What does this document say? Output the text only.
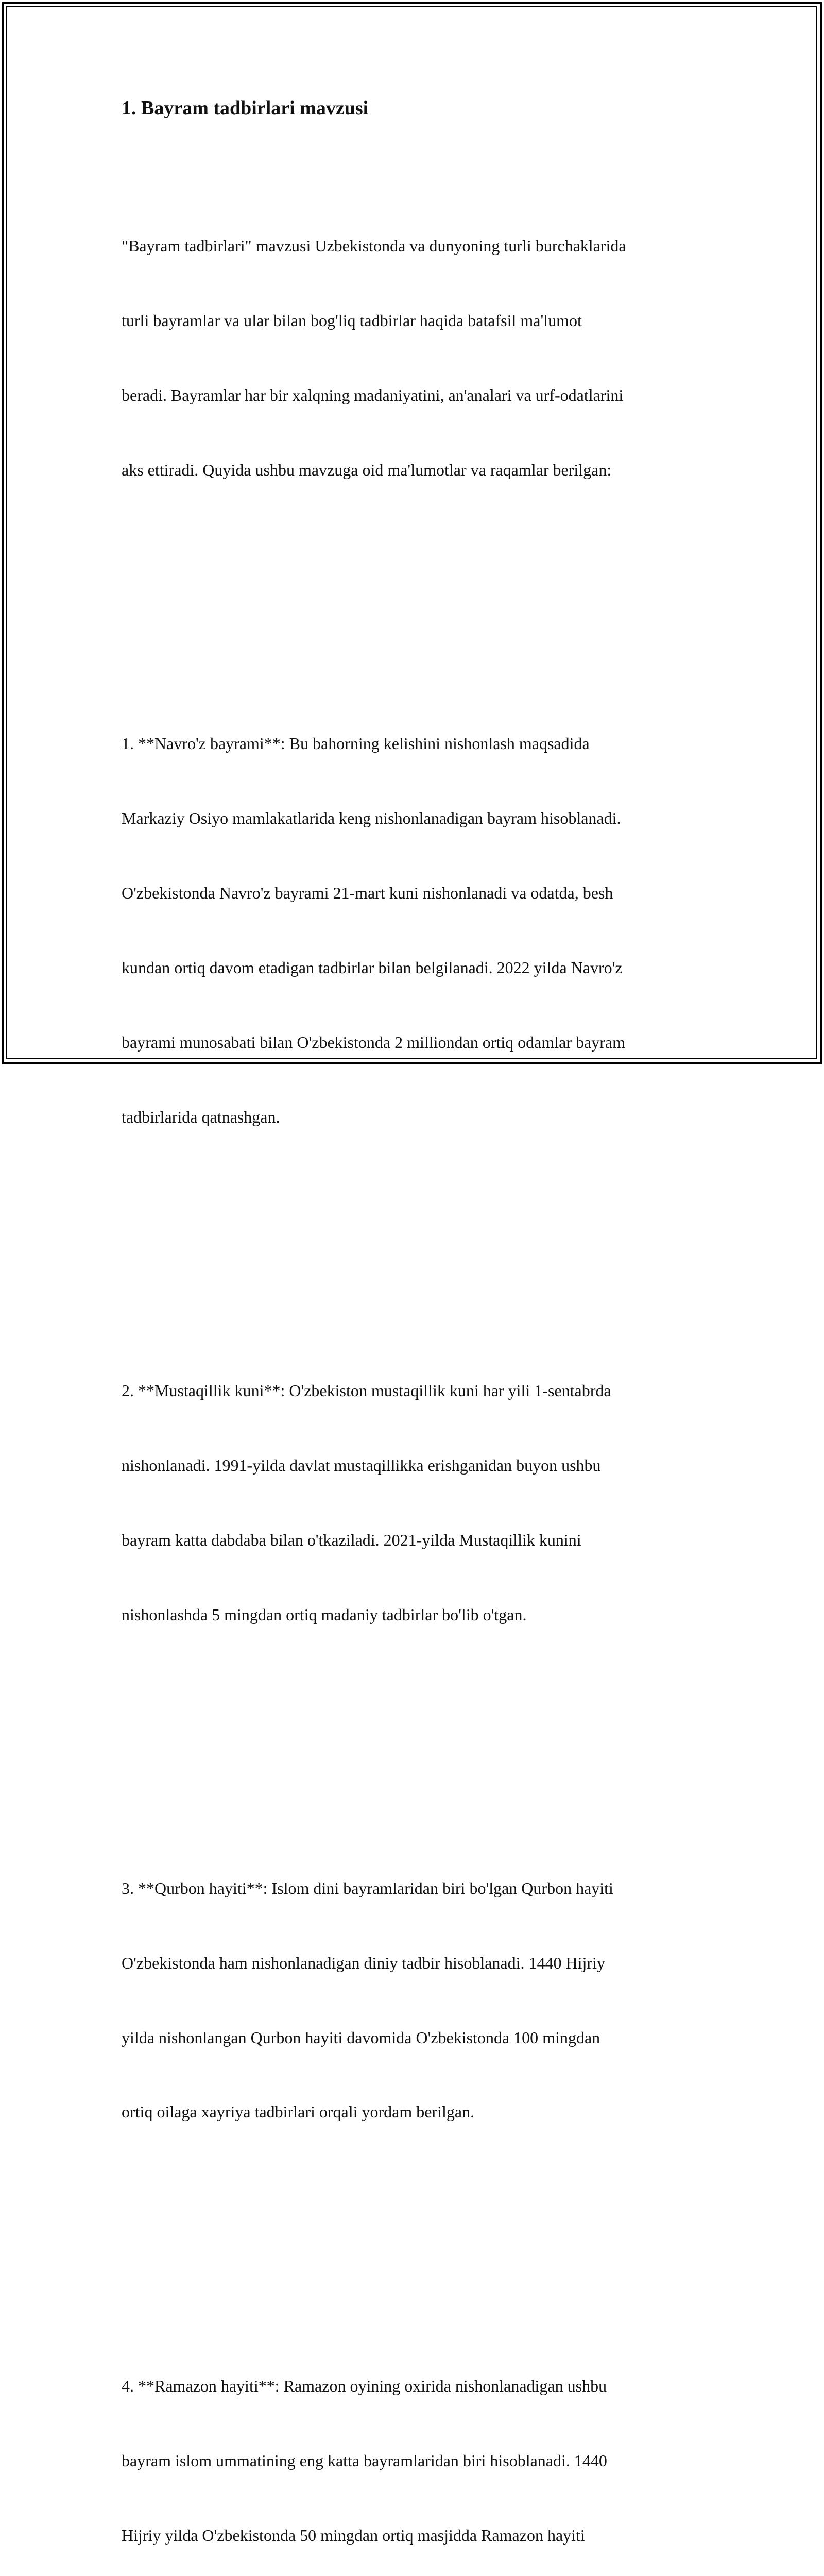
1. Bayram tadbirlari mavzusi

"Bayram tadbirlari" mavzusi Uzbekistonda va dunyoning turli burchaklarida

turli bayramlar va ular bilan bog'liq tadbirlar haqida batafsil ma'lumot

beradi. Bayramlar har bir xalqning madaniyatini, an'analari va urf-odatlarini

aks ettiradi. Quyida ushbu mavzuga oid ma'lumotlar va raqamlar berilgan:

1. **Navro'z bayrami**: Bu bahorning kelishini nishonlash maqsadida

Markaziy Osiyo mamlakatlarida keng nishonlanadigan bayram hisoblanadi.

O'zbekistonda Navro'z bayrami 21-mart kuni nishonlanadi va odatda, besh

kundan ortiq davom etadigan tadbirlar bilan belgilanadi. 2022 yilda Navro'z

bayrami munosabati bilan O'zbekistonda 2 milliondan ortiq odamlar bayram

tadbirlarida qatnashgan.

2. **Mustaqillik kuni**: O'zbekiston mustaqillik kuni har yili 1-sentabrda

nishonlanadi. 1991-yilda davlat mustaqillikka erishganidan buyon ushbu

bayram katta dabdaba bilan o'tkaziladi. 2021-yilda Mustaqillik kunini

nishonlashda 5 mingdan ortiq madaniy tadbirlar bo'lib o'tgan.

3. **Qurbon hayiti**: Islom dini bayramlaridan biri bo'lgan Qurbon hayiti

O'zbekistonda ham nishonlanadigan diniy tadbir hisoblanadi. 1440 Hijriy

yilda nishonlangan Qurbon hayiti davomida O'zbekistonda 100 mingdan

ortiq oilaga xayriya tadbirlari orqali yordam berilgan.

4. **Ramazon hayiti**: Ramazon oyining oxirida nishonlanadigan ushbu

bayram islom ummatining eng katta bayramlaridan biri hisoblanadi. 1440

Hijriy yilda O'zbekistonda 50 mingdan ortiq masjidda Ramazon hayiti
